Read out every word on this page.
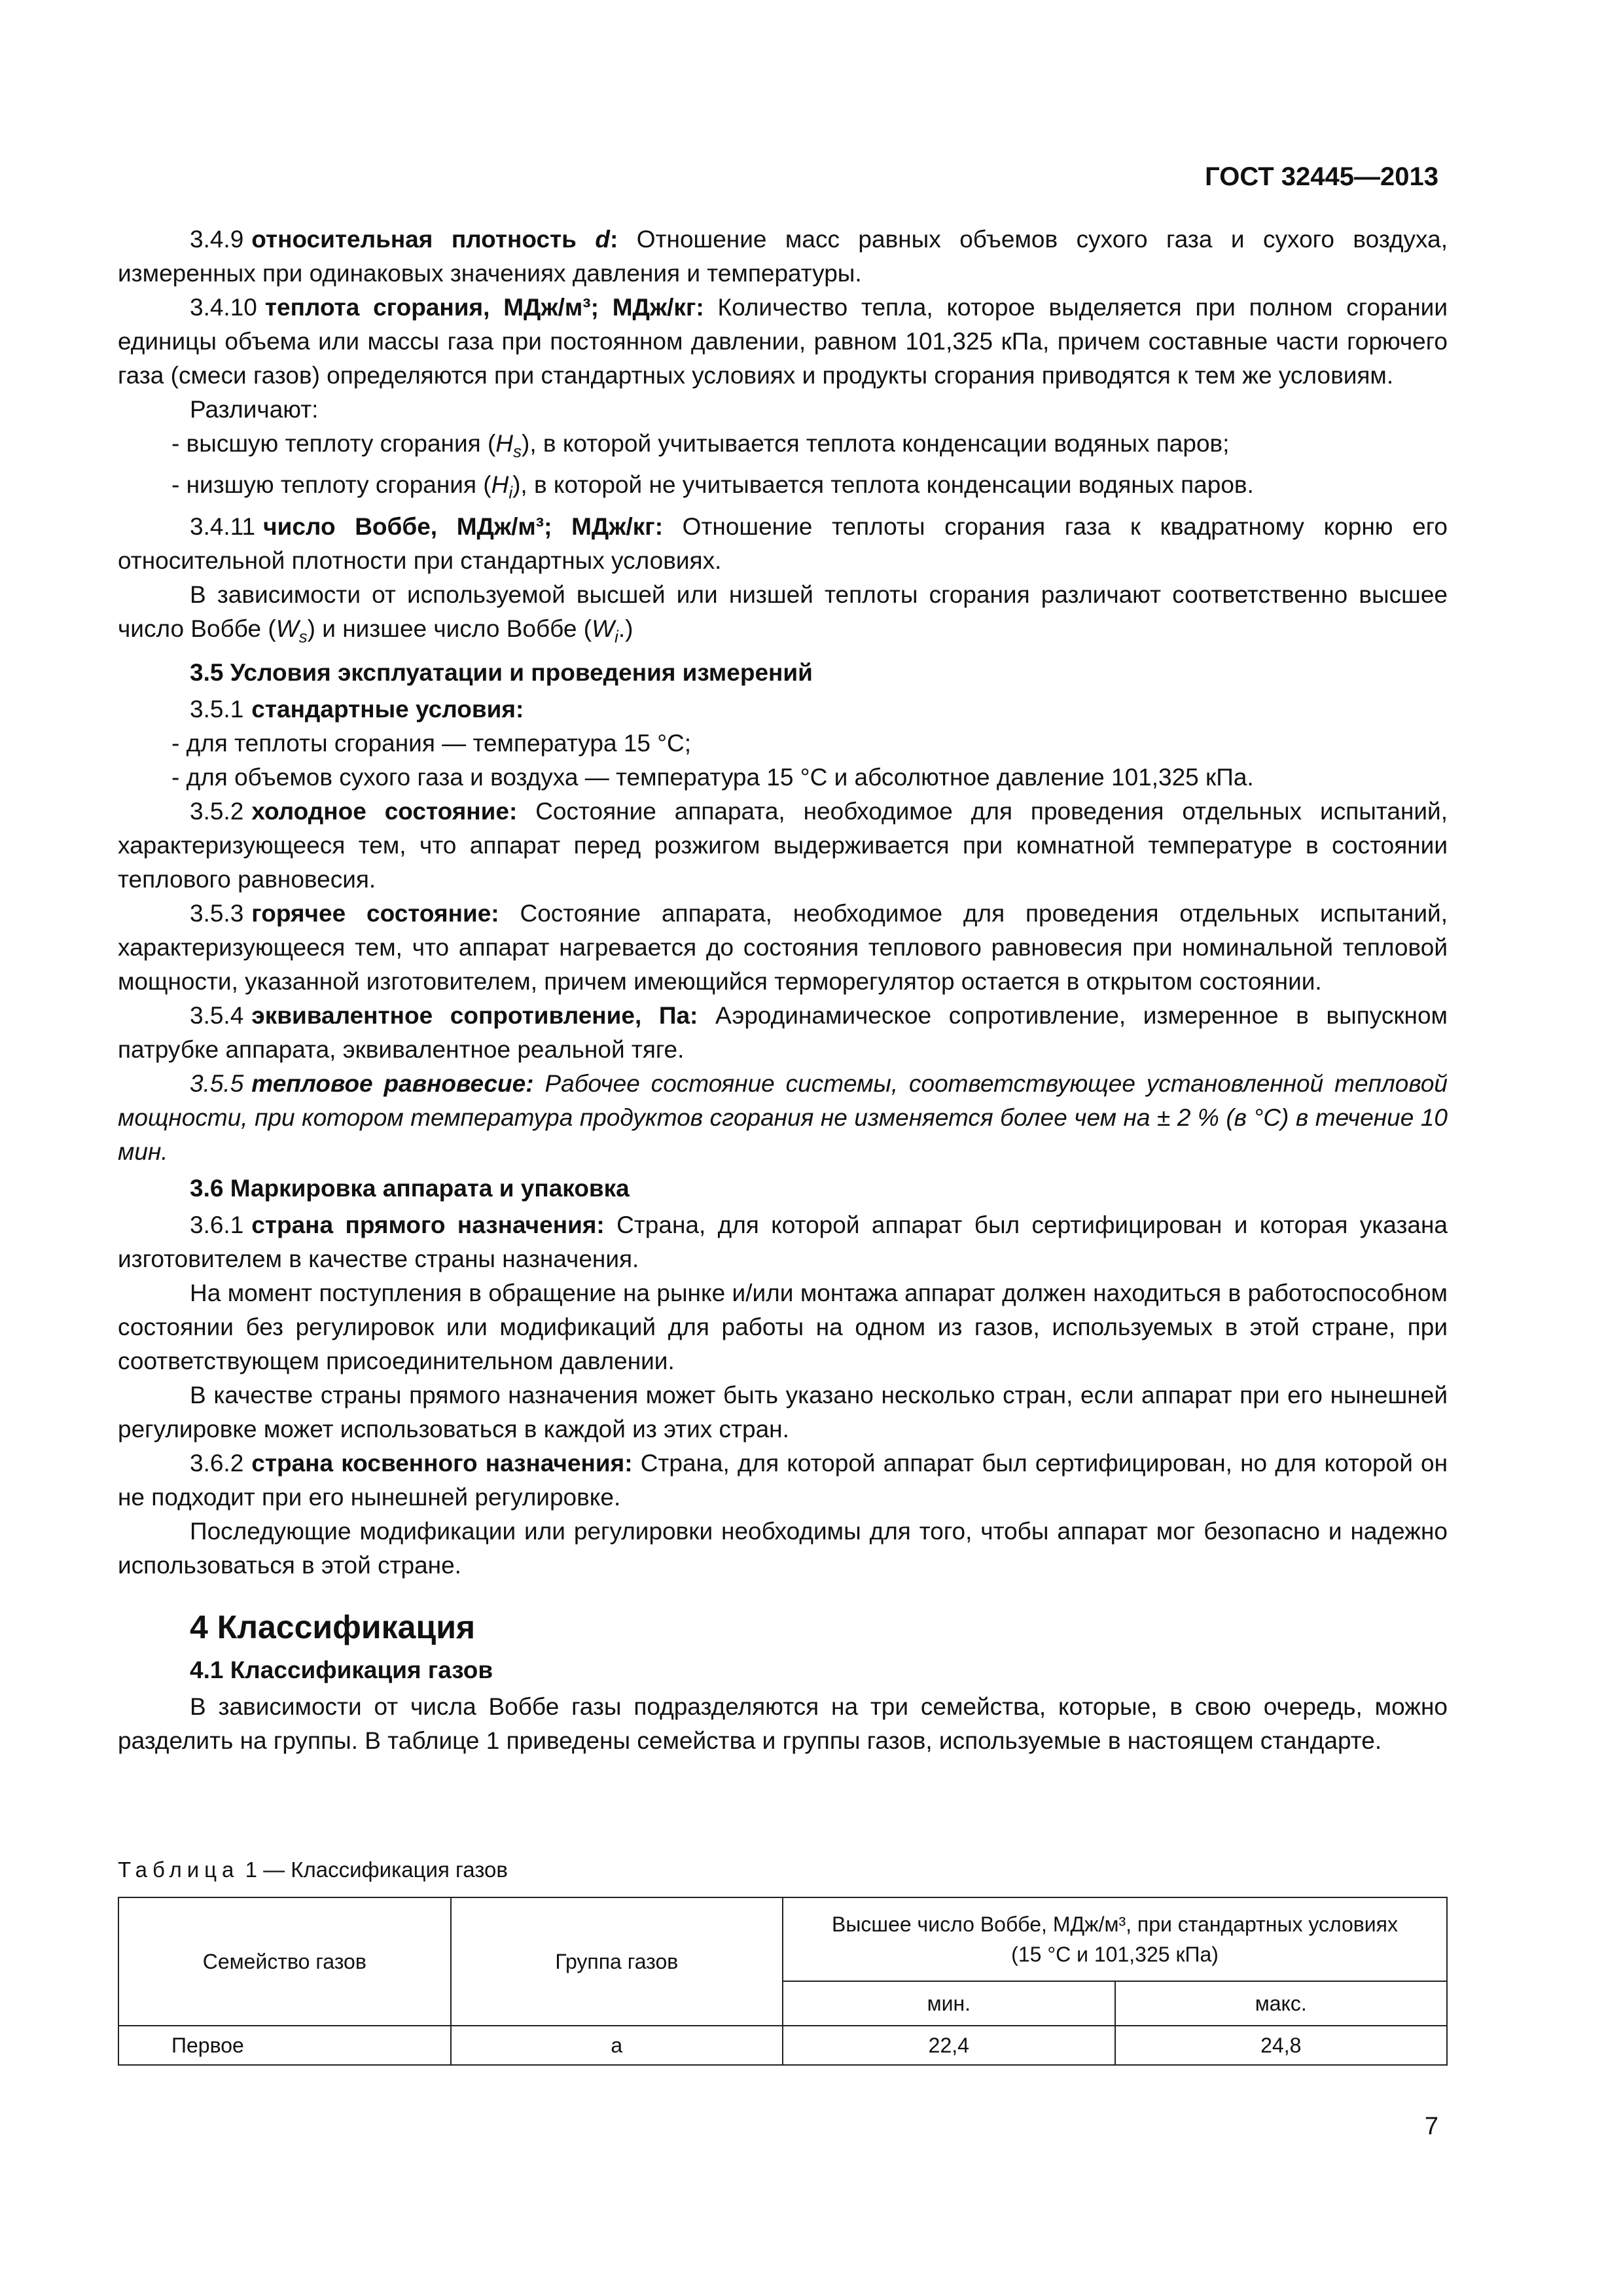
ГОСТ 32445—2013

3.4.9 относительная плотность d: Отношение масс равных объемов сухого газа и сухого воздуха, измеренных при одинаковых значениях давления и температуры.

3.4.10 теплота сгорания, МДж/м³; МДж/кг: Количество тепла, которое выделяется при полном сгорании единицы объема или массы газа при постоянном давлении, равном 101,325 кПа, причем составные части горючего газа (смеси газов) определяются при стандартных условиях и продукты сгорания приводятся к тем же условиям.

Различают:

- высшую теплоту сгорания $(H_s)$, в которой учитывается теплота конденсации водяных паров;

- низшую теплоту сгорания $(H_i)$, в которой не учитывается теплота конденсации водяных паров.

3.4.11 число Воббе, МДж/м³; МДж/кг: Отношение теплоты сгорания газа к квадратному корню его относительной плотности при стандартных условиях.

В зависимости от используемой высшей или низшей теплоты сгорания различают соответственно высшее число Воббе $(W_s)$ и низшее число Воббе $(W_i.)$

3.5 Условия эксплуатации и проведения измерений

3.5.1 стандартные условия:

- для теплоты сгорания — температура 15 °С;

- для объемов сухого газа и воздуха — температура 15 °С и абсолютное давление 101,325 кПа.

3.5.2 холодное состояние: Состояние аппарата, необходимое для проведения отдельных испытаний, характеризующееся тем, что аппарат перед розжигом выдерживается при комнатной температуре в состоянии теплового равновесия.

3.5.3 горячее состояние: Состояние аппарата, необходимое для проведения отдельных испытаний, характеризующееся тем, что аппарат нагревается до состояния теплового равновесия при номинальной тепловой мощности, указанной изготовителем, причем имеющийся терморегулятор остается в открытом состоянии.

3.5.4 эквивалентное сопротивление, Па: Аэродинамическое сопротивление, измеренное в выпускном патрубке аппарата, эквивалентное реальной тяге.

3.5.5 тепловое равновесие: Рабочее состояние системы, соответствующее установленной тепловой мощности, при котором температура продуктов сгорания не изменяется более чем на ± 2 % (в °С) в течение 10 мин.

3.6 Маркировка аппарата и упаковка

3.6.1 страна прямого назначения: Страна, для которой аппарат был сертифицирован и которая указана изготовителем в качестве страны назначения.

На момент поступления в обращение на рынке и/или монтажа аппарат должен находиться в работоспособном состоянии без регулировок или модификаций для работы на одном из газов, используемых в этой стране, при соответствующем присоединительном давлении.

В качестве страны прямого назначения может быть указано несколько стран, если аппарат при его нынешней регулировке может использоваться в каждой из этих стран.

3.6.2 страна косвенного назначения: Страна, для которой аппарат был сертифицирован, но для которой он не подходит при его нынешней регулировке.

Последующие модификации или регулировки необходимы для того, чтобы аппарат мог безопасно и надежно использоваться в этой стране.

4 Классификация

4.1 Классификация газов

В зависимости от числа Воббе газы подразделяются на три семейства, которые, в свою очередь, можно разделить на группы. В таблице 1 приведены семейства и группы газов, используемые в настоящем стандарте.

Таблица 1 — Классификация газов
Семейство газов	Группа газов	Высшее число Воббе, МДж/м³, при стандартных условиях
(15 °С и 101,325 кПа)	
		мин.	макс.
Первое	а	22,4	24,8
7
